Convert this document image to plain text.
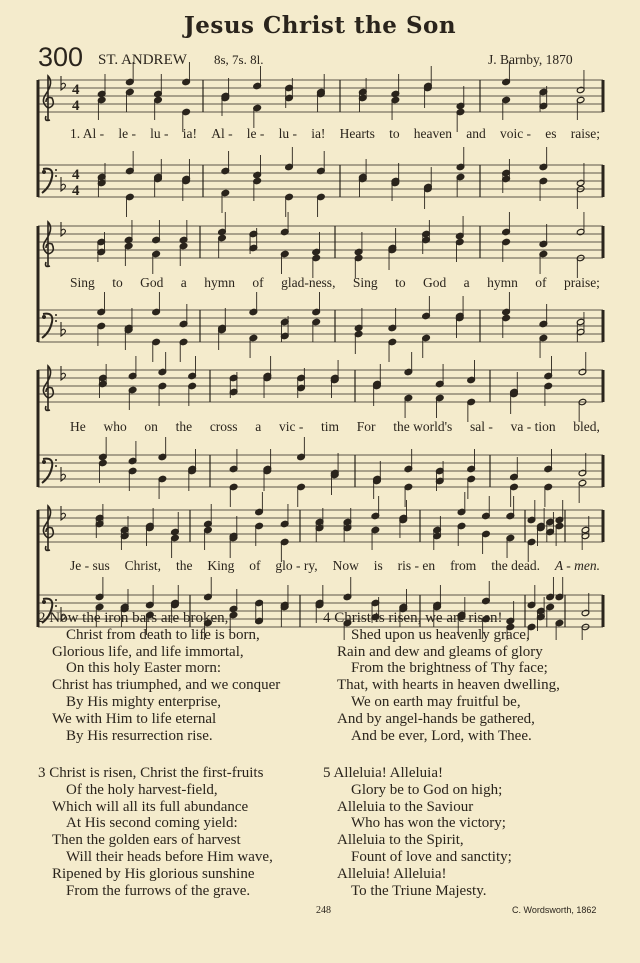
Jesus Christ the Son
300 ST. ANDREW 8s, 7s. 8l.	J. Barnby, 1870
4
4
4
4
1. Al - le - lu - ia! Al - le - lu - ia! Hearts to heaven and voic - es raise;
Sing to God a hymn of glad-ness, Sing to God a hymn of praise;
He who on the cross a vic - tim For the world's sal - va - tion bled,
Je - sus Christ, the King of glo - ry, Now is ris - en from the dead. A - men.
2 Now the iron bars are broken,
Christ from death to life is born,
Glorious life, and life immortal,
On this holy Easter morn:
Christ has triumphed, and we conquer
By His mighty enterprise,
We with Him to life eternal
By His resurrection rise.
3 Christ is risen, Christ the first-fruits
Of the holy harvest-field,
Which will all its full abundance
At His second coming yield:
Then the golden ears of harvest
Will their heads before Him wave,
Ripened by His glorious sunshine
From the furrows of the grave.
4 Christ is risen, we are risen!
Shed upon us heavenly grace,
Rain and dew and gleams of glory
From the brightness of Thy face;
That, with hearts in heaven dwelling,
We on earth may fruitful be,
And by angel-hands be gathered,
And be ever, Lord, with Thee.
5 Alleluia! Alleluia!
Glory be to God on high;
Alleluia to the Saviour
Who has won the victory;
Alleluia to the Spirit,
Fount of love and sanctity;
Alleluia! Alleluia!
To the Triune Majesty.
248	C. Wordsworth, 1862
